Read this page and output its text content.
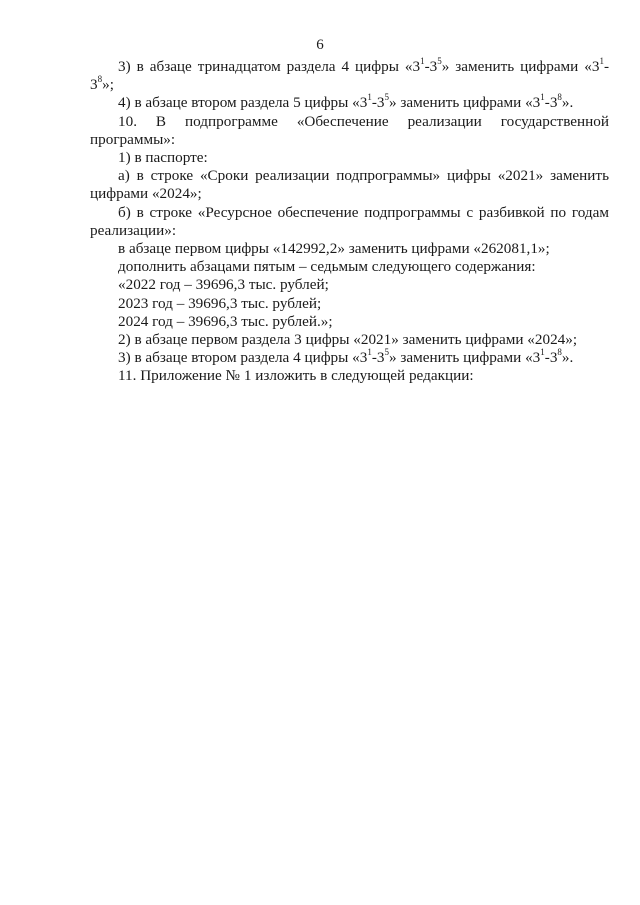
6

3) в абзаце тринадцатом раздела 4 цифры «$3^1-3^5$» заменить цифрами «$3^1-3^8$»;

4) в абзаце втором раздела 5 цифры «$3^1-3^5$» заменить цифрами «$3^1-3^8$».

10. В подпрограмме «Обеспечение реализации государственной программы»:

1) в паспорте:

а) в строке «Сроки реализации подпрограммы» цифры «2021» заменить цифрами «2024»;

б) в строке «Ресурсное обеспечение подпрограммы с разбивкой по годам реализации»:

в абзаце первом цифры «142992,2» заменить цифрами «262081,1»;

дополнить абзацами пятым – седьмым следующего содержания:

«2022 год – 39696,3 тыс. рублей;

2023 год – 39696,3 тыс. рублей;

2024 год – 39696,3 тыс. рублей.»;

2) в абзаце первом раздела 3 цифры «2021» заменить цифрами «2024»;

3) в абзаце втором раздела 4 цифры «$3^1-3^5$» заменить цифрами «$3^1-3^8$».

11. Приложение № 1 изложить в следующей редакции:
